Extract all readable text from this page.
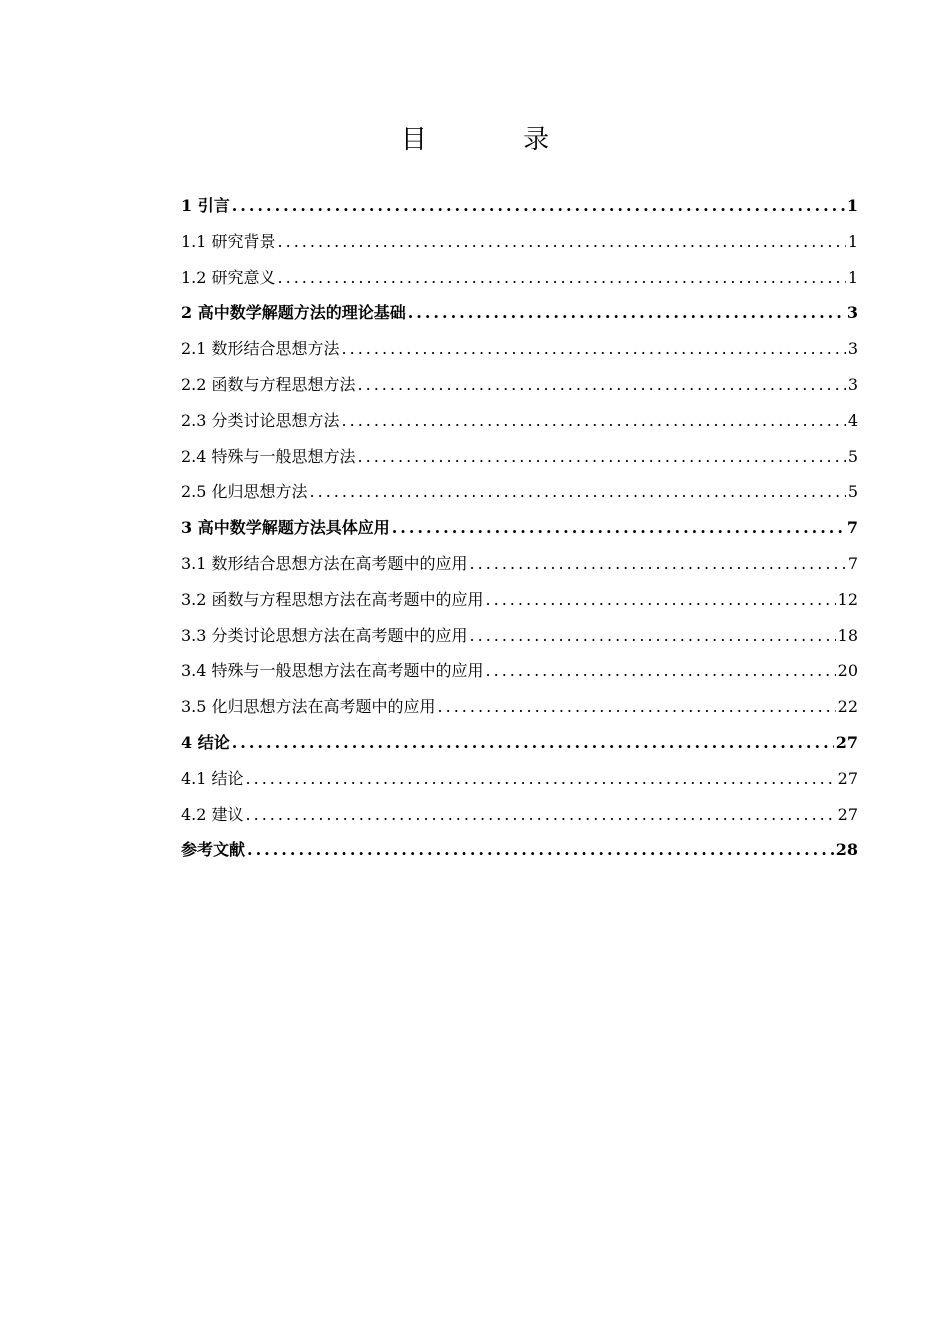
目 录
1 引言 .....	1
1.1 研究背景 .....	1
1.2 研究意义 .....	1
2 高中数学解题方法的理论基础 .....	3
2.1 数形结合思想方法 .....	3
2.2 函数与方程思想方法 .....	3
2.3 分类讨论思想方法 .....	4
2.4 特殊与一般思想方法 .....	5
2.5 化归思想方法 .....	5
3 高中数学解题方法具体应用 .....	7
3.1 数形结合思想方法在高考题中的应用 .....	7
3.2 函数与方程思想方法在高考题中的应用 .....	12
3.3 分类讨论思想方法在高考题中的应用 .....	18
3.4 特殊与一般思想方法在高考题中的应用 .....	20
3.5 化归思想方法在高考题中的应用 .....	22
4 结论 .....	27
4.1 结论 .....	27
4.2 建议 .....	27
参考文献 .....	28
